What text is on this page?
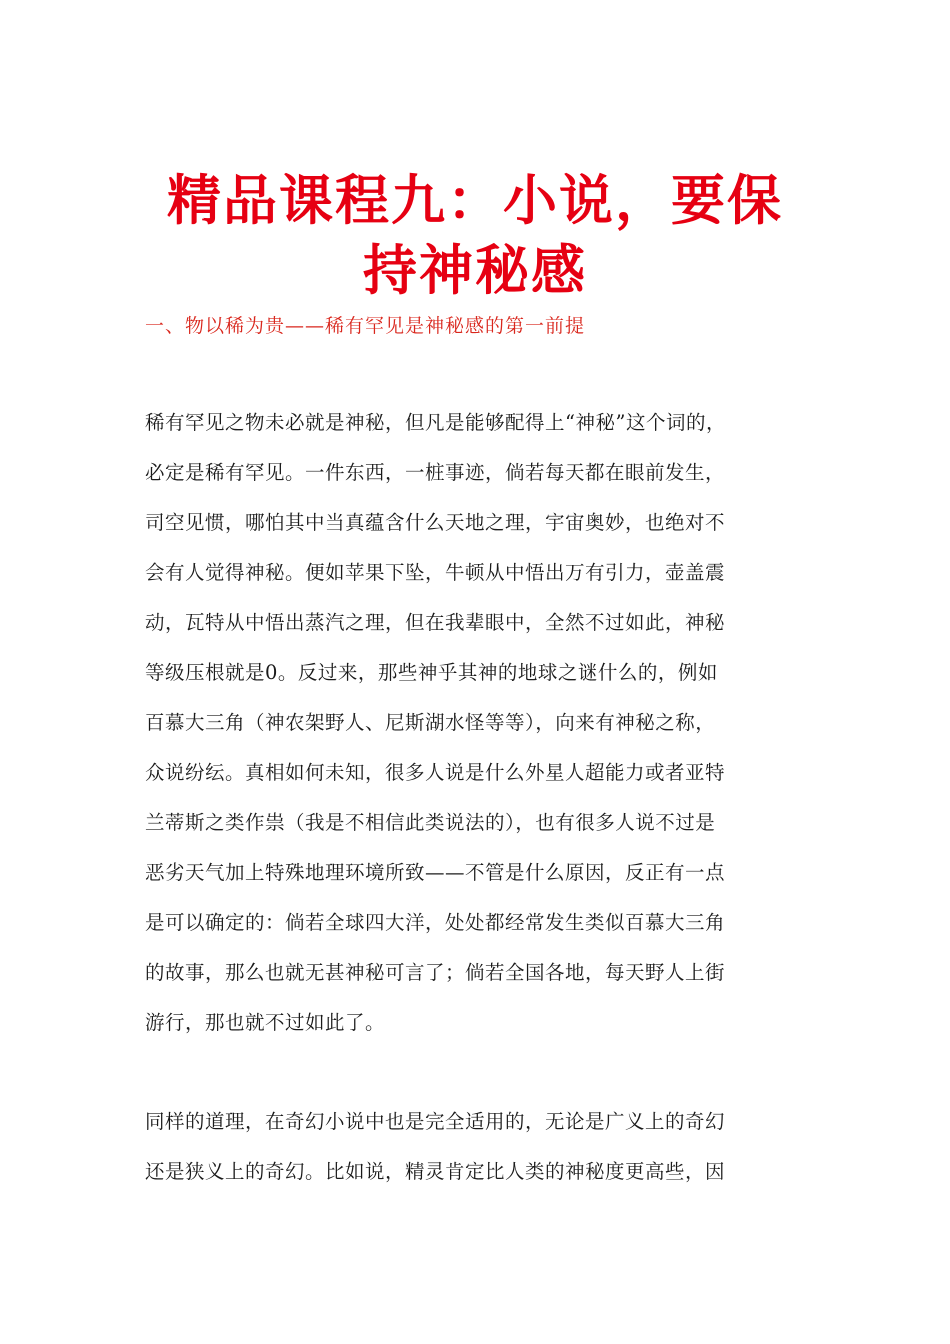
精品课程九：小说，要保
持神秘感
一、物以稀为贵——稀有罕见是神秘感的第一前提
稀有罕见之物未必就是神秘，但凡是能够配得上“神秘”这个词的，
必定是稀有罕见。一件东西，一桩事迹，倘若每天都在眼前发生，
司空见惯，哪怕其中当真蕴含什么天地之理，宇宙奥妙，也绝对不
会有人觉得神秘。便如苹果下坠，牛顿从中悟出万有引力，壶盖震
动，瓦特从中悟出蒸汽之理，但在我辈眼中，全然不过如此，神秘
等级压根就是0。反过来，那些神乎其神的地球之谜什么的，例如
百慕大三角（神农架野人、尼斯湖水怪等等），向来有神秘之称，
众说纷纭。真相如何未知，很多人说是什么外星人超能力或者亚特
兰蒂斯之类作祟（我是不相信此类说法的），也有很多人说不过是
恶劣天气加上特殊地理环境所致——不管是什么原因，反正有一点
是可以确定的：倘若全球四大洋，处处都经常发生类似百慕大三角
的故事，那么也就无甚神秘可言了；倘若全国各地，每天野人上街
游行，那也就不过如此了。
同样的道理，在奇幻小说中也是完全适用的，无论是广义上的奇幻
还是狭义上的奇幻。比如说，精灵肯定比人类的神秘度更高些，因
